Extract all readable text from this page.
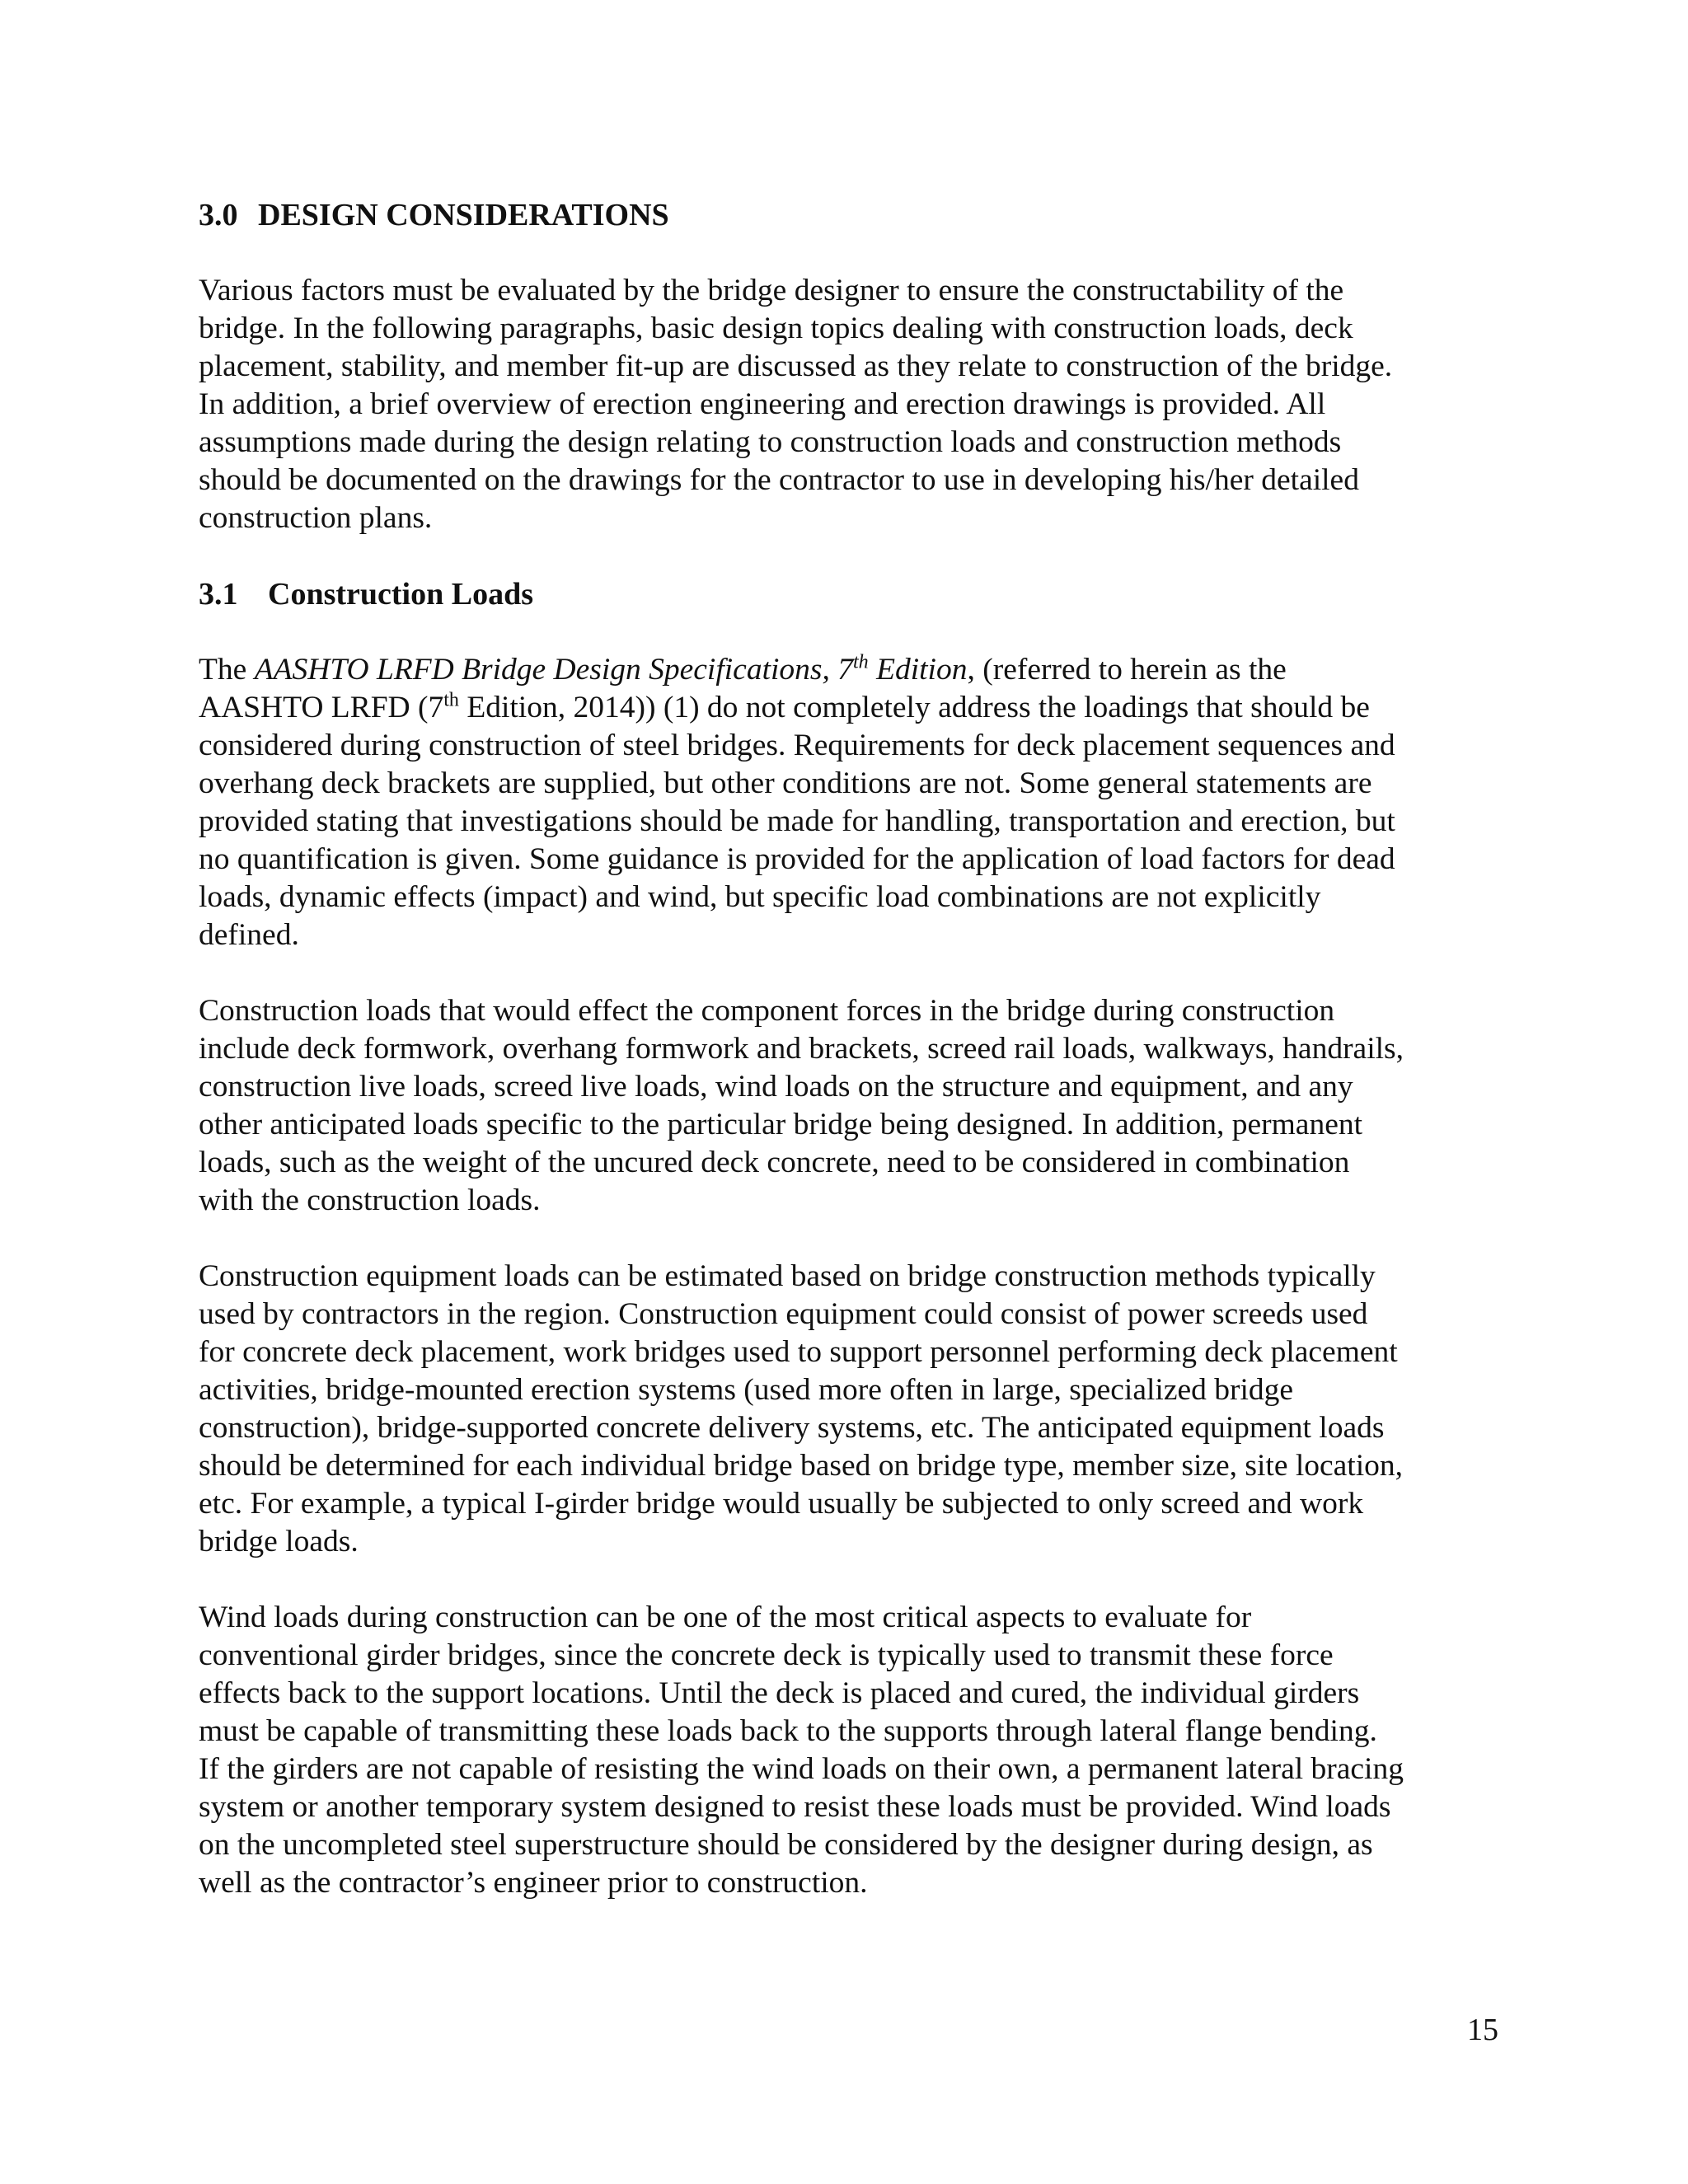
3.0 DESIGN CONSIDERATIONS

Various factors must be evaluated by the bridge designer to ensure the constructability of the
bridge. In the following paragraphs, basic design topics dealing with construction loads, deck
placement, stability, and member fit-up are discussed as they relate to construction of the bridge.
In addition, a brief overview of erection engineering and erection drawings is provided. All
assumptions made during the design relating to construction loads and construction methods
should be documented on the drawings for the contractor to use in developing his/her detailed
construction plans.

3.1 Construction Loads

The AASHTO LRFD Bridge Design Specifications, 7th Edition, (referred to herein as the
AASHTO LRFD (7th Edition, 2014)) (1) do not completely address the loadings that should be
considered during construction of steel bridges. Requirements for deck placement sequences and
overhang deck brackets are supplied, but other conditions are not. Some general statements are
provided stating that investigations should be made for handling, transportation and erection, but
no quantification is given. Some guidance is provided for the application of load factors for dead
loads, dynamic effects (impact) and wind, but specific load combinations are not explicitly
defined.

Construction loads that would effect the component forces in the bridge during construction
include deck formwork, overhang formwork and brackets, screed rail loads, walkways, handrails,
construction live loads, screed live loads, wind loads on the structure and equipment, and any
other anticipated loads specific to the particular bridge being designed. In addition, permanent
loads, such as the weight of the uncured deck concrete, need to be considered in combination
with the construction loads.

Construction equipment loads can be estimated based on bridge construction methods typically
used by contractors in the region. Construction equipment could consist of power screeds used
for concrete deck placement, work bridges used to support personnel performing deck placement
activities, bridge-mounted erection systems (used more often in large, specialized bridge
construction), bridge-supported concrete delivery systems, etc. The anticipated equipment loads
should be determined for each individual bridge based on bridge type, member size, site location,
etc. For example, a typical I-girder bridge would usually be subjected to only screed and work
bridge loads.

Wind loads during construction can be one of the most critical aspects to evaluate for
conventional girder bridges, since the concrete deck is typically used to transmit these force
effects back to the support locations. Until the deck is placed and cured, the individual girders
must be capable of transmitting these loads back to the supports through lateral flange bending.
If the girders are not capable of resisting the wind loads on their own, a permanent lateral bracing
system or another temporary system designed to resist these loads must be provided. Wind loads
on the uncompleted steel superstructure should be considered by the designer during design, as
well as the contractor’s engineer prior to construction.

15
